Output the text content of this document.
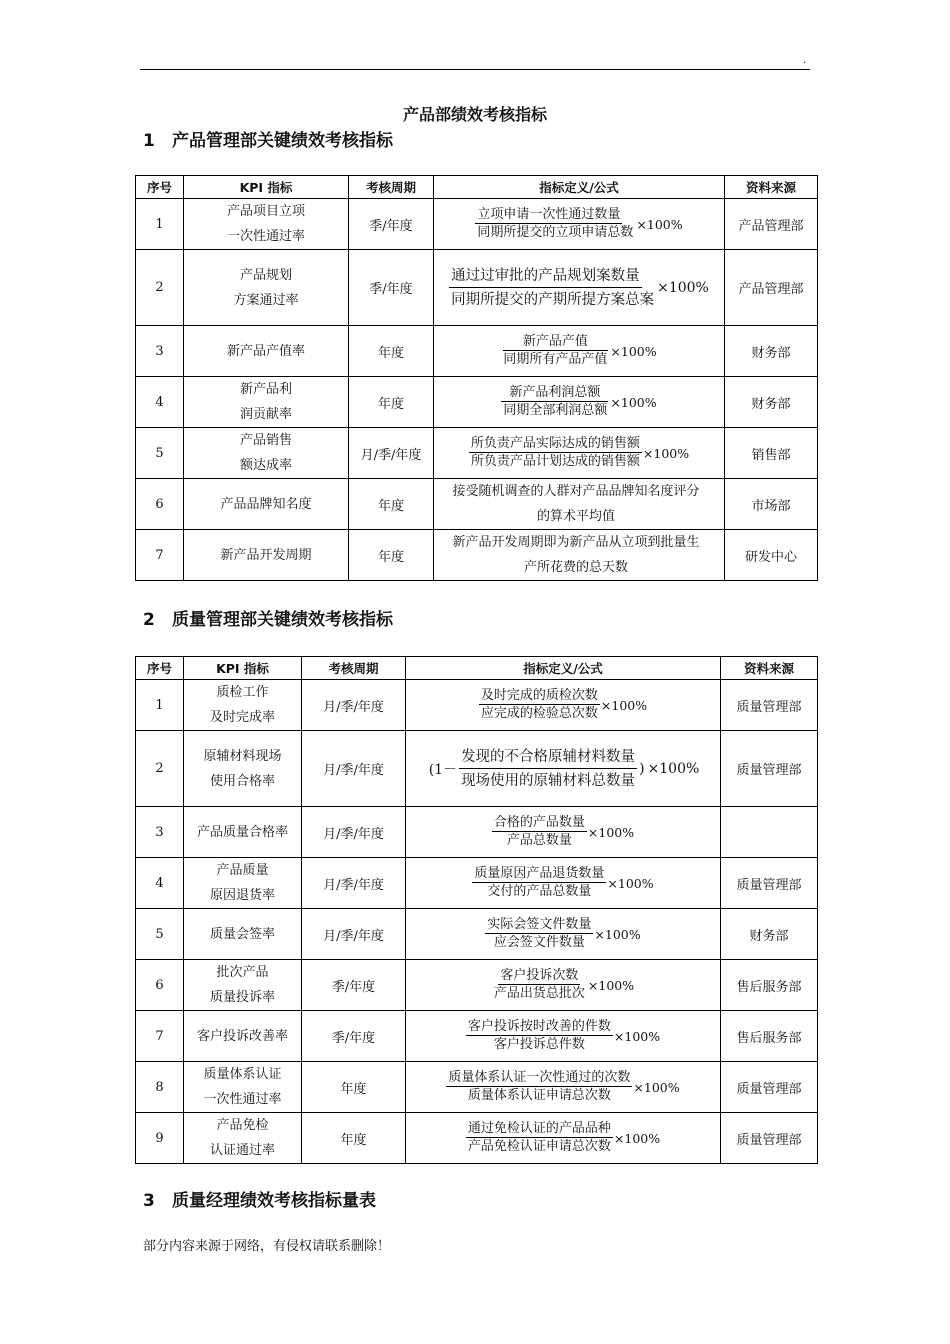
.
产品部绩效考核指标
1 产品管理部关键绩效考核指标
序号	KPI 指标	考核周期	指标定义/公式	资料来源
1	产品项目立项
一次性通过率	季/年度	$\frac{\text{立项申请一次性通过数量}}{\text{同期所提交的立项申请总数}} \times 100\%$	产品管理部
2	产品规划
方案通过率	季/年度	$\frac{\text{通过过审批的产品规划案数量}}{\text{同期所提交的产期所提方案总案}} \times 100\%$	产品管理部
3	新产品产值率	年度	$\frac{\text{新产品产值}}{\text{同期所有产品产值}} \times 100\%$	财务部
4	新产品利
润贡献率	年度	$\frac{\text{新产品利润总额}}{\text{同期全部利润总额}} \times 100\%$	财务部
5	产品销售
额达成率	月/季/年度	$\frac{\text{所负责产品实际达成的销售额}}{\text{所负责产品计划达成的销售额}} \times 100\%$	销售部
6	产品品牌知名度	年度	接受随机调查的人群对产品品牌知名度评分
的算术平均值	市场部
7	新产品开发周期	年度	新产品开发周期即为新产品从立项到批量生
产所花费的总天数	研发中心
2 质量管理部关键绩效考核指标
序号	KPI 指标	考核周期	指标定义/公式	资料来源
1	质检工作
及时完成率	月/季/年度	$\frac{\text{及时完成的质检次数}}{\text{应完成的检验总次数}} \times 100\%$	质量管理部
2	原辅材料现场
使用合格率	月/季/年度	($1- \frac{\text{发现的不合格原辅材料数量}}{\text{现场使用的原辅材料总数量}}$ ) ×100%	质量管理部
3	产品质量合格率	月/季/年度	$\frac{\text{合格的产品数量}}{\text{产品总数量}} \times 100\%$	

4	产品质量
原因退货率	月/季/年度	$\frac{\text{质量原因产品退货数量}}{\text{交付的产品总数量}} \times 100\%$	质量管理部
5	质量会签率	月/季/年度	$\frac{\text{实际会签文件数量}}{\text{应会签文件数量}} \times 100\%$	财务部
6	批次产品
质量投诉率	季/年度	$\frac{\text{客户投诉次数}}{\text{产品出货总批次}} \times 100\%$	售后服务部
7	客户投诉改善率	季/年度	$\frac{\text{客户投诉按时改善的件数}}{\text{客户投诉总件数}} \times 100\%$	售后服务部
8	质量体系认证
一次性通过率	年度	$\frac{\text{质量体系认证一次性通过的次数}}{\text{质量体系认证申请总次数}} \times 100\%$	质量管理部
9	产品免检
认证通过率	年度	$\frac{\text{通过免检认证的产品品种}}{\text{产品免检认证申请总次数}} \times 100\%$	质量管理部
3 质量经理绩效考核指标量表
部分内容来源于网络，有侵权请联系删除！
